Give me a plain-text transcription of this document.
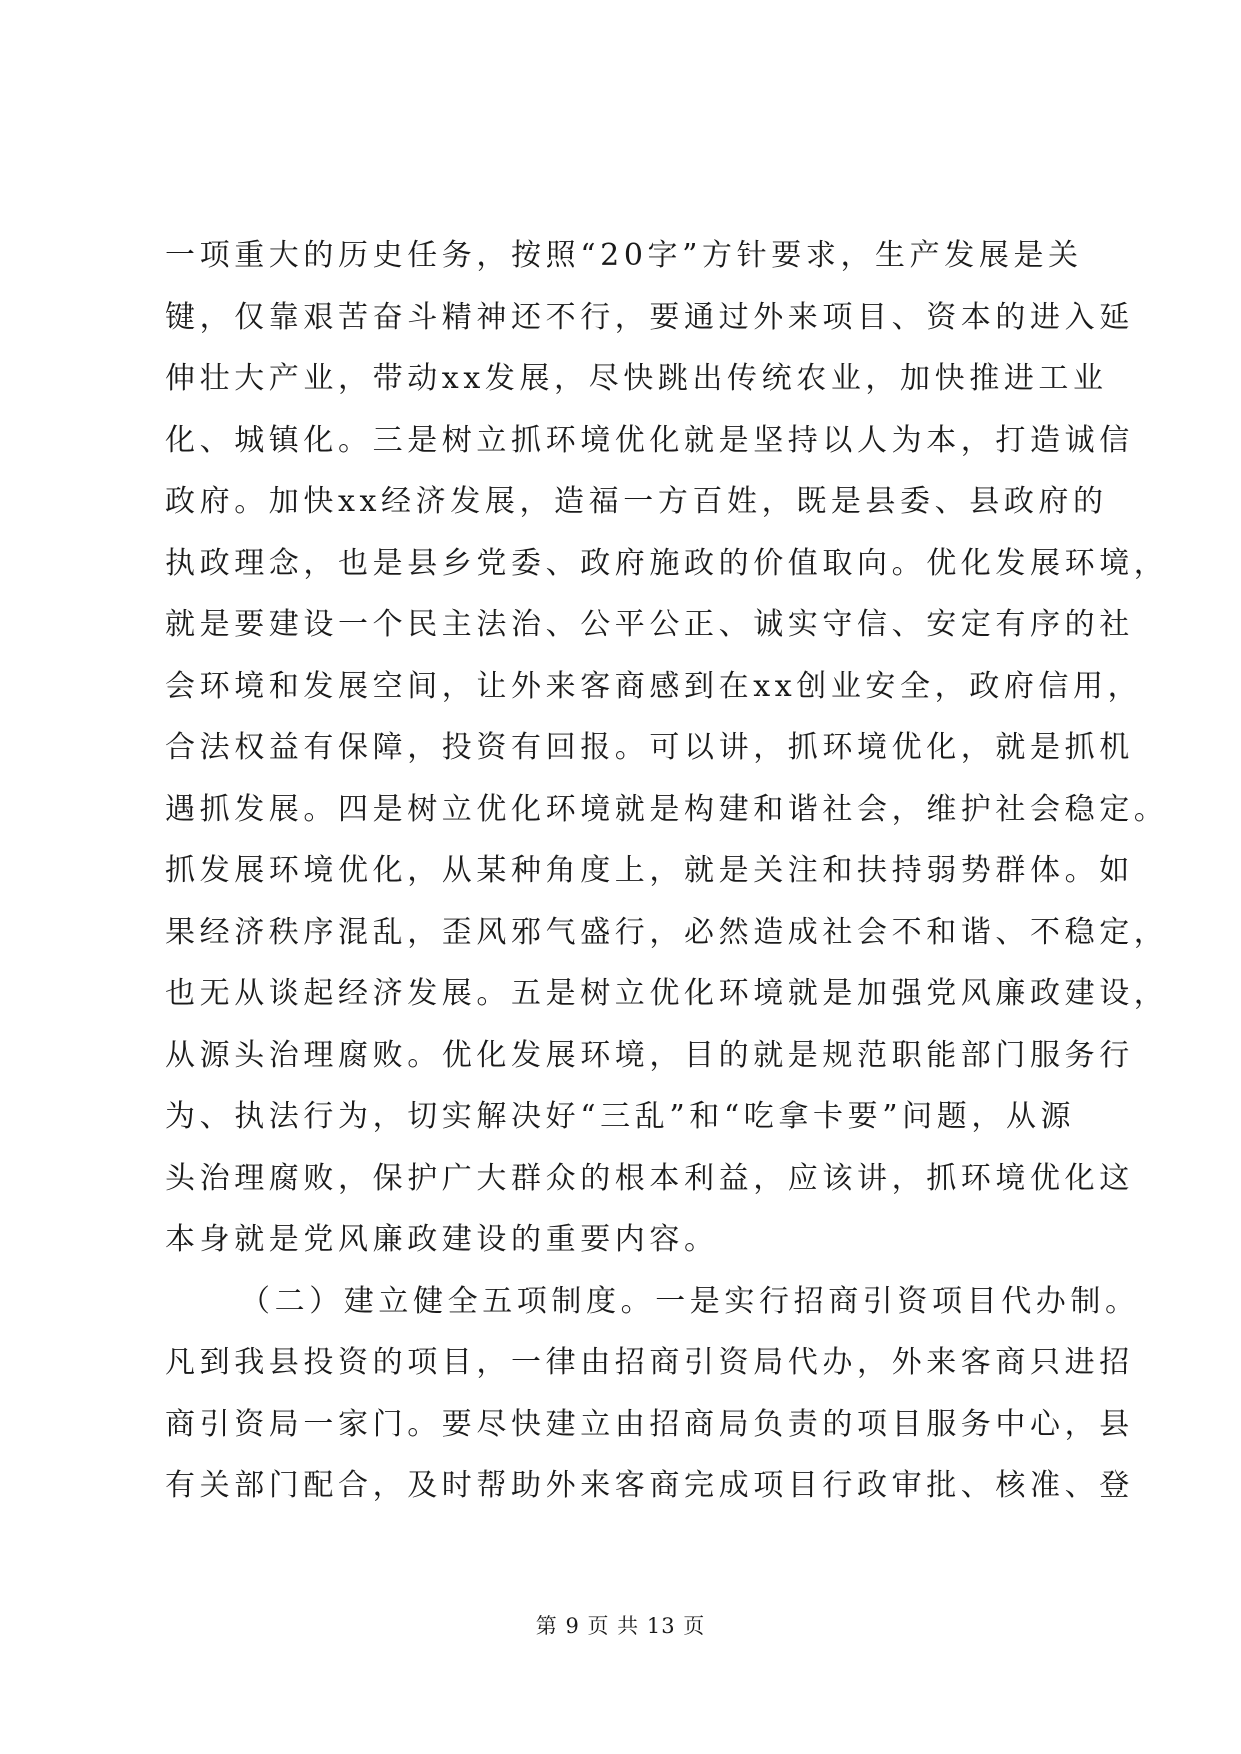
一项重大的历史任务，按照“20字”方针要求，生产发展是关
键，仅靠艰苦奋斗精神还不行，要通过外来项目、资本的进入延
伸壮大产业，带动xx发展，尽快跳出传统农业，加快推进工业
化、城镇化。三是树立抓环境优化就是坚持以人为本，打造诚信
政府。加快xx经济发展，造福一方百姓，既是县委、县政府的
执政理念，也是县乡党委、政府施政的价值取向。优化发展环境，
就是要建设一个民主法治、公平公正、诚实守信、安定有序的社
会环境和发展空间，让外来客商感到在xx创业安全，政府信用，
合法权益有保障，投资有回报。可以讲，抓环境优化，就是抓机
遇抓发展。四是树立优化环境就是构建和谐社会，维护社会稳定。
抓发展环境优化，从某种角度上，就是关注和扶持弱势群体。如
果经济秩序混乱，歪风邪气盛行，必然造成社会不和谐、不稳定，
也无从谈起经济发展。五是树立优化环境就是加强党风廉政建设，
从源头治理腐败。优化发展环境，目的就是规范职能部门服务行
为、执法行为，切实解决好“三乱”和“吃拿卡要”问题，从源
头治理腐败，保护广大群众的根本利益，应该讲，抓环境优化这
本身就是党风廉政建设的重要内容。
（二）建立健全五项制度。一是实行招商引资项目代办制。
凡到我县投资的项目，一律由招商引资局代办，外来客商只进招
商引资局一家门。要尽快建立由招商局负责的项目服务中心，县
有关部门配合，及时帮助外来客商完成项目行政审批、核准、登
第 9 页 共 13 页
